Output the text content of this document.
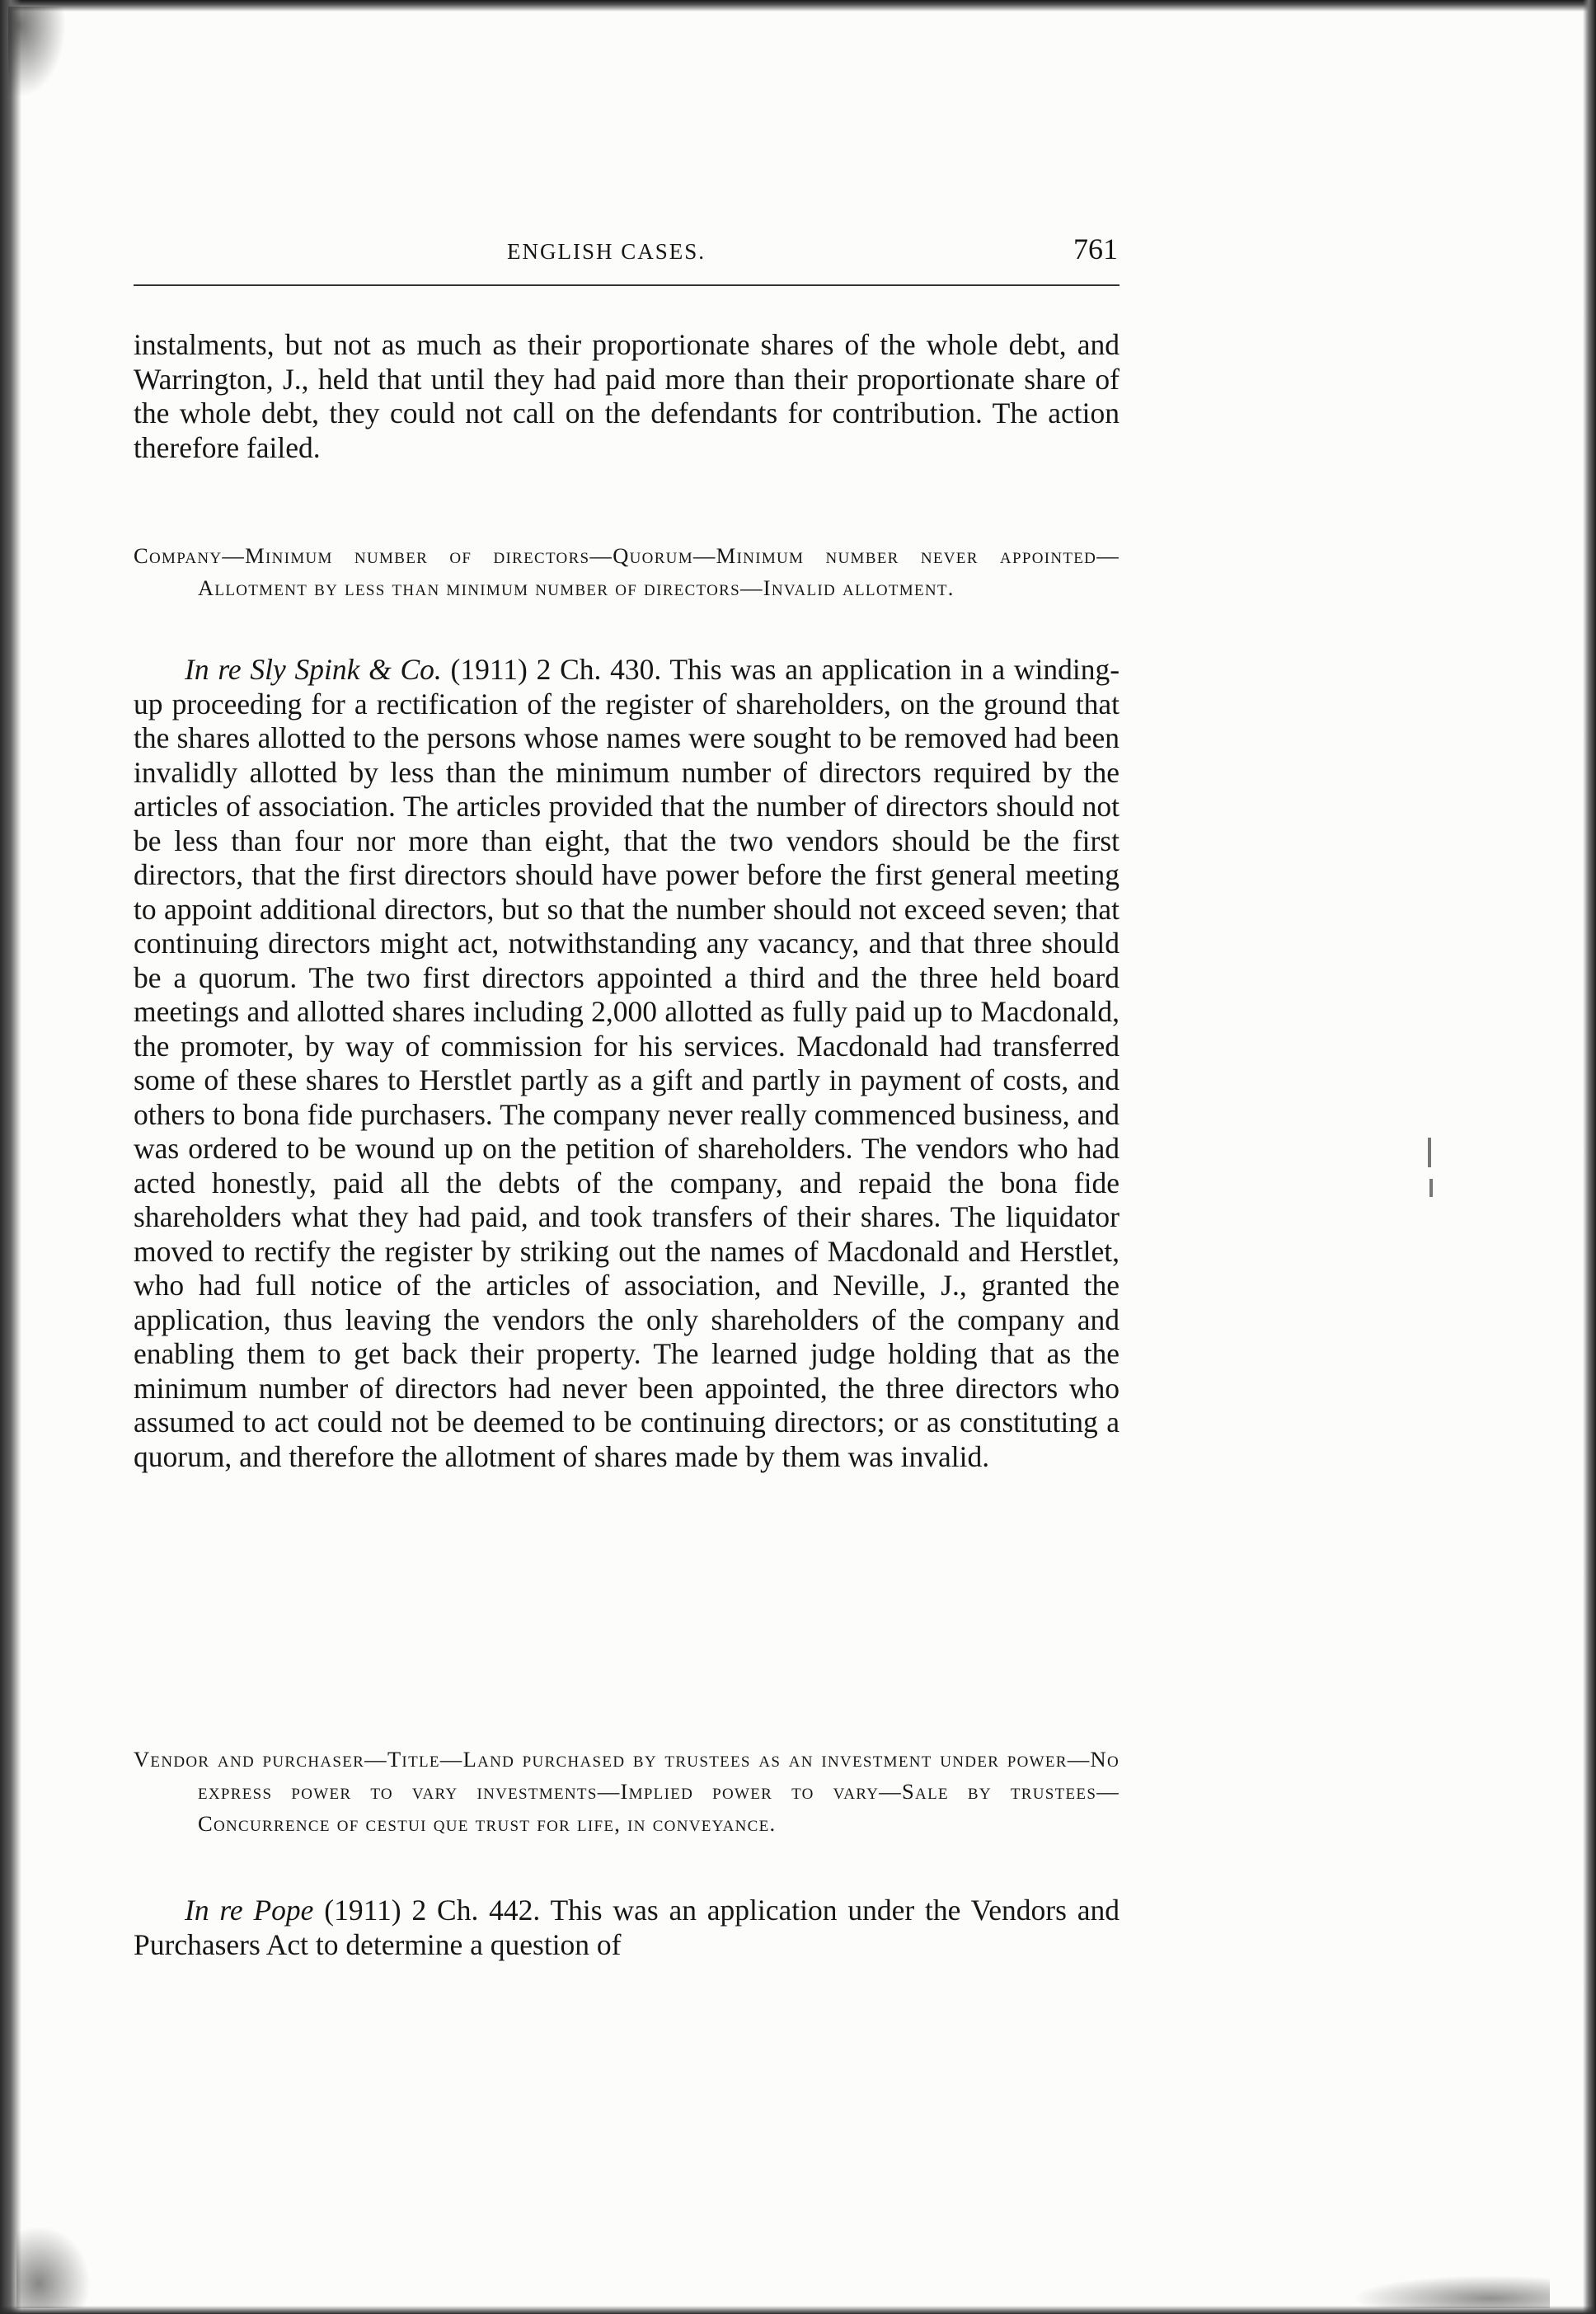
ENGLISH CASES.	761
instalments, but not as much as their proportionate shares of the whole debt, and Warrington, J., held that until they had paid more than their proportionate share of the whole debt, they could not call on the defendants for contribution. The action therefore failed.
Company—Minimum number of directors—Quorum—Minimum number never appointed—Allotment by less than minimum number of directors—Invalid allotment.
In re Sly Spink & Co. (1911) 2 Ch. 430. This was an application in a winding-up proceeding for a rectification of the register of shareholders, on the ground that the shares allotted to the persons whose names were sought to be removed had been invalidly allotted by less than the minimum number of directors required by the articles of association. The articles provided that the number of directors should not be less than four nor more than eight, that the two vendors should be the first directors, that the first directors should have power before the first general meeting to appoint additional directors, but so that the number should not exceed seven; that continuing directors might act, notwithstanding any vacancy, and that three should be a quorum. The two first directors appointed a third and the three held board meetings and allotted shares including 2,000 allotted as fully paid up to Macdonald, the promoter, by way of commission for his services. Macdonald had transferred some of these shares to Herstlet partly as a gift and partly in payment of costs, and others to bona fide purchasers. The company never really commenced business, and was ordered to be wound up on the petition of shareholders. The vendors who had acted honestly, paid all the debts of the company, and repaid the bona fide shareholders what they had paid, and took transfers of their shares. The liquidator moved to rectify the register by striking out the names of Macdonald and Herstlet, who had full notice of the articles of association, and Neville, J., granted the application, thus leaving the vendors the only shareholders of the company and enabling them to get back their property. The learned judge holding that as the minimum number of directors had never been appointed, the three directors who assumed to act could not be deemed to be continuing directors; or as constituting a quorum, and therefore the allotment of shares made by them was invalid.
Vendor and purchaser—Title—Land purchased by trustees as an investment under power—No express power to vary investments—Implied power to vary—Sale by trustees—Concurrence of cestui que trust for life, in conveyance.
In re Pope (1911) 2 Ch. 442. This was an application under the Vendors and Purchasers Act to determine a question of
